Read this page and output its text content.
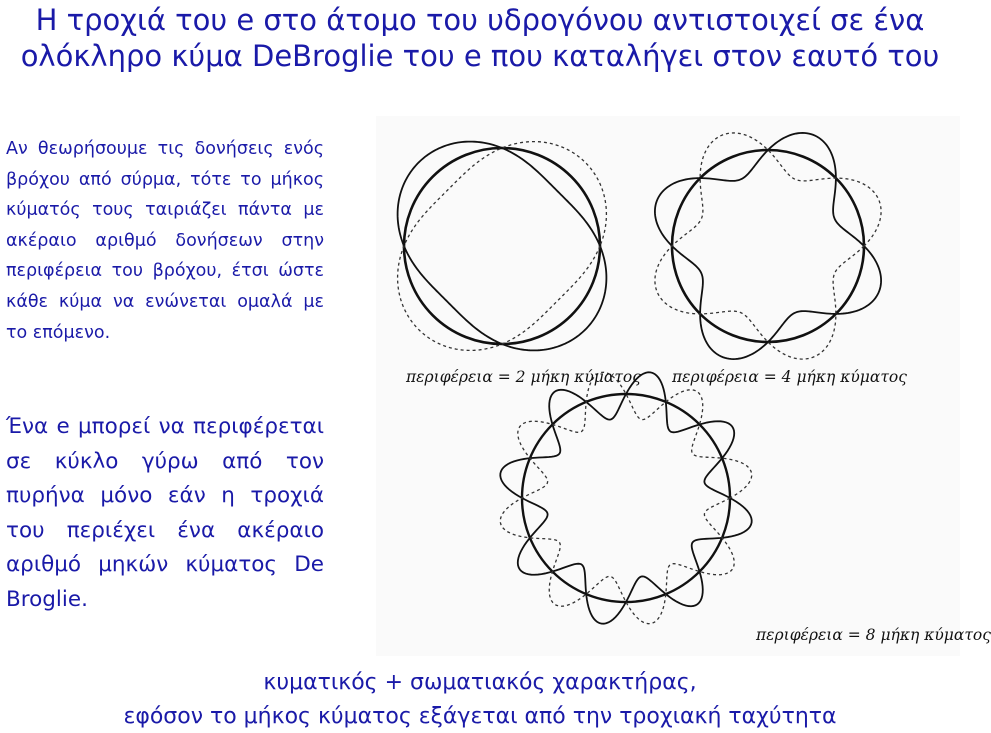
Η τροχιά του e στο άτομο του υδρογόνου αντιστοιχεί σε ένα
ολόκληρο κύμα DeBroglie του e που καταλήγει στον εαυτό του

Αν θεωρήσουμε τις δονήσεις ενός βρόχου από σύρμα, τότε το μήκος κύματός τους ταιριάζει πάντα με ακέραιο αριθμό δονήσεων στην περιφέρεια του βρόχου, έτσι ώστε κάθε κύμα να ενώνεται ομαλά με το επόμενο.

Ένα e μπορεί να περιφέρεται σε κύκλο γύρω από τον πυρήνα μόνο εάν η τροχιά του περιέχει ένα ακέραιο αριθμό μηκών κύματος De Broglie.

περιφέρεια = 2 μήκη κύματος περιφέρεια = 4 μήκη κύματος
περιφέρεια = 8 μήκη κύματος

κυματικός + σωματιακός χαρακτήρας,

εφόσον το μήκος κύματος εξάγεται από την τροχιακή ταχύτητα
